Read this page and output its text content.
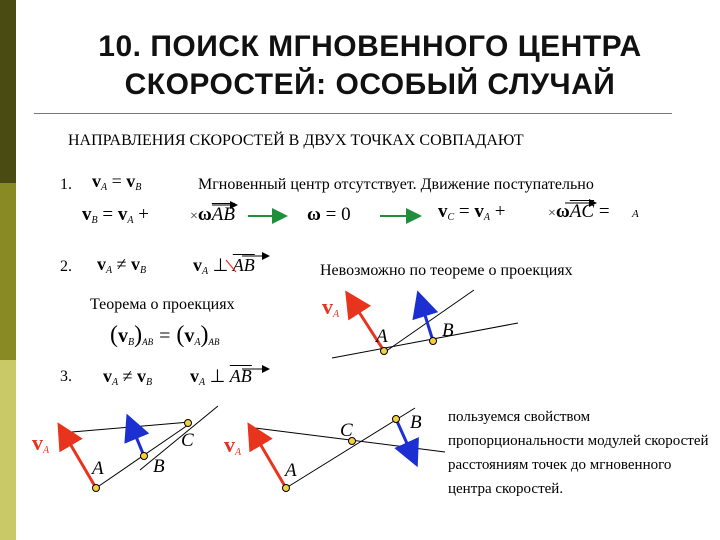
10. ПОИСК МГНОВЕННОГО ЦЕНТРА
СКОРОСТЕЙ: ОСОБЫЙ СЛУЧАЙ
НАПРАВЛЕНИЯ СКОРОСТЕЙ В ДВУХ ТОЧКАХ СОВПАДАЮТ
1. $v_A = v_B$	Мгновенный центр отсутствует. Движение поступательно
$v_B = v_A$ +	$\times\omega\overline{AB}$	ω = 0	$v_C = v_A$ +	$\times\omega\overline{AC} = A$
2. $v_A \ne v_B$	$v_A$ ⊥ $\overline{AB}$	Невозможно по теореме о проекциях
Теорема о проекциях
$(v_B)AB = (v_A)AB$
3. $v_A \ne v_B$ $v_A$ ⊥ $\overline{AB}$
пользуемся свойством пропорциональности модулей скоростей расстояниям точек до мгновенного центра скоростей.
$v_A$
A	B
$v_A$
A	B
C $v_A$
A
C	B
